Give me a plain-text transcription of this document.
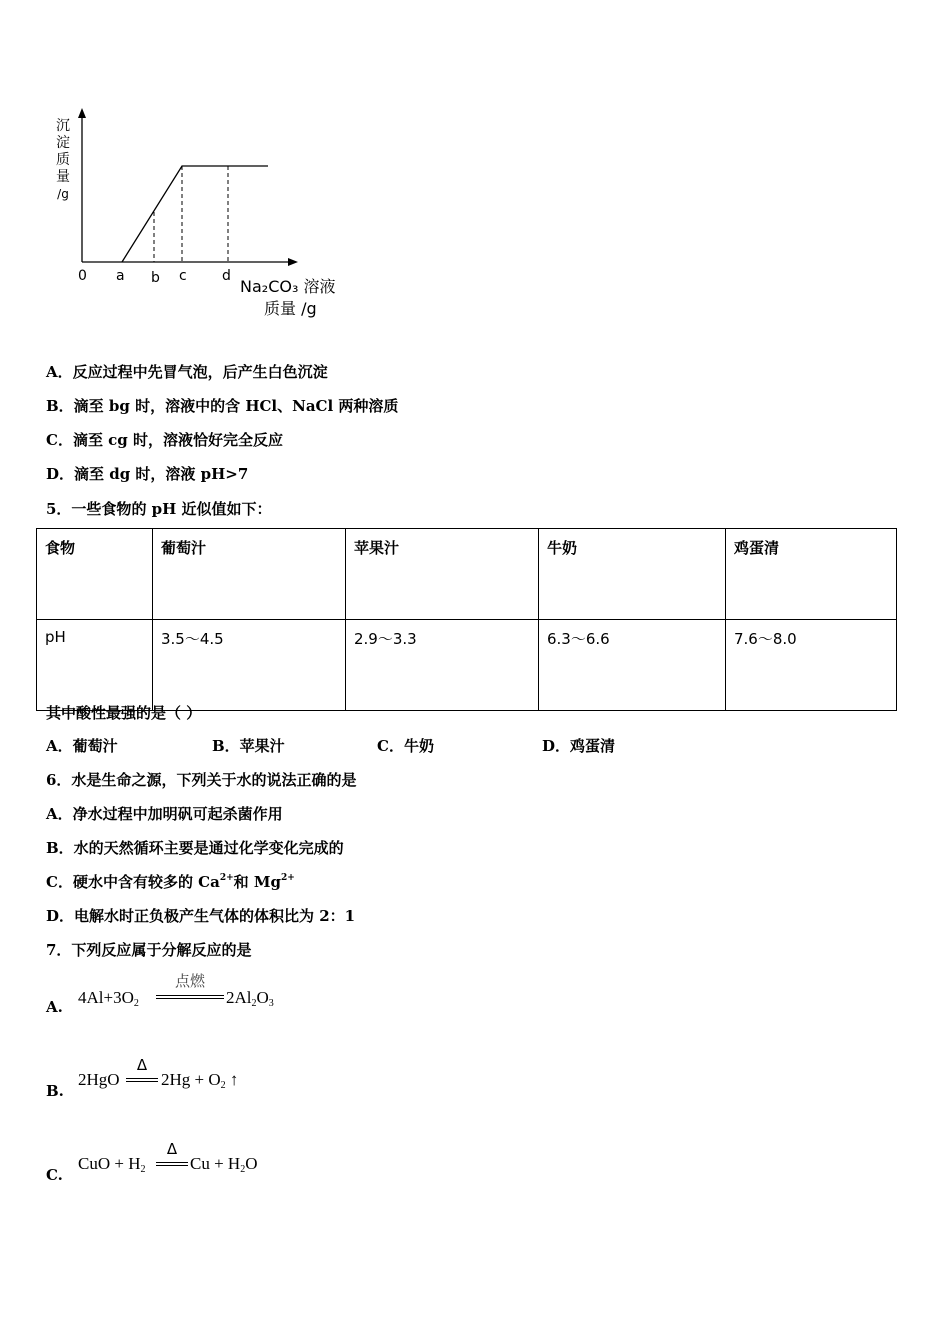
沉
淀
质
量
/g
0 a b c	d
Na₂CO₃ 溶液
质量 /g
A．反应过程中先冒气泡，后产生白色沉淀
B．滴至 bg 时，溶液中的含 HCl、NaCl 两种溶质
C．滴至 cg 时，溶液恰好完全反应
D．滴至 dg 时，溶液 pH>7
5．一些食物的 pH 近似值如下：
食物	葡萄汁	苹果汁	牛奶	鸡蛋清
pH	3.5～4.5	2.9～3.3	6.3～6.6	7.6～8.0
其中酸性最强的是（ ）
A．葡萄汁	B．苹果汁	C．牛奶	D．鸡蛋清
6．水是生命之源，下列关于水的说法正确的是
A．净水过程中加明矾可起杀菌作用
B．水的天然循环主要是通过化学变化完成的
C．硬水中含有较多的 $Ca^{2+}$和 $Mg^{2+}$
D．电解水时正负极产生气体的体积比为 2：1
7．下列反应属于分解反应的是
A. $4Al+3O_2$
点燃
$2Al_2O_3$
B.
2HgO
Δ
$2Hg + O_2$ ↑
C.
CuO + $H_2$
Δ
$Cu + H_2O$
